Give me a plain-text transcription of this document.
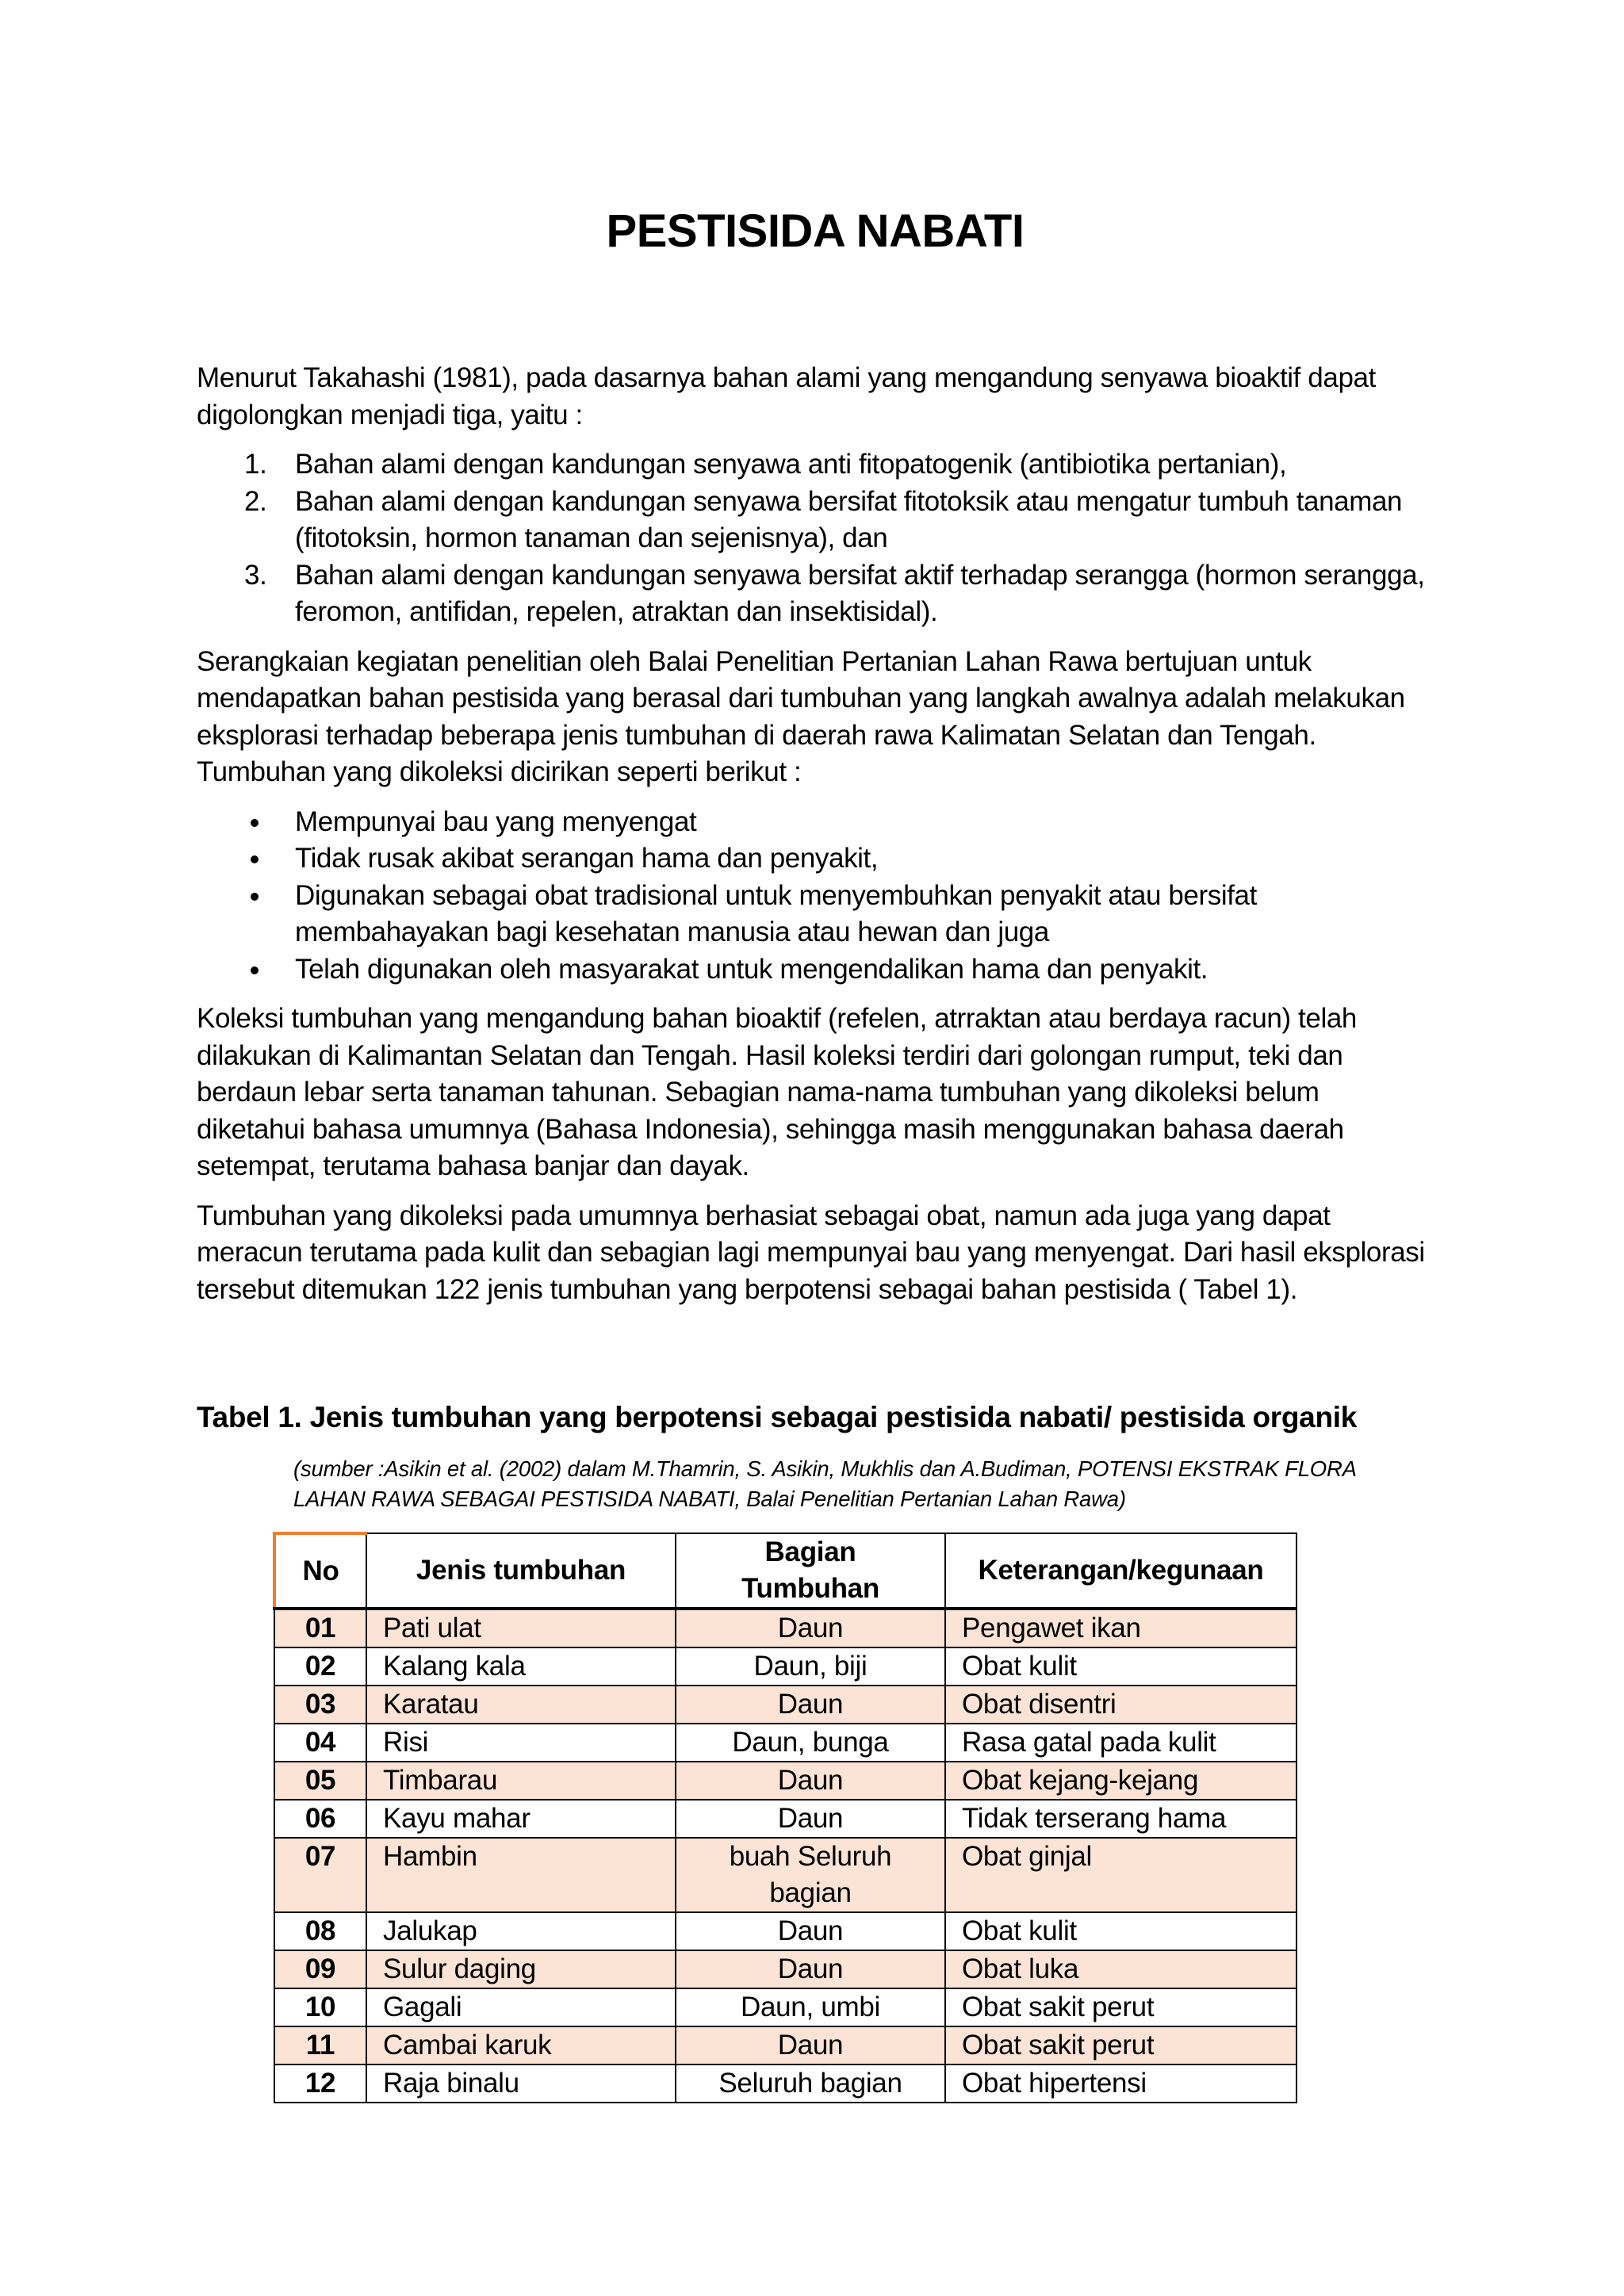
PESTISIDA NABATI

Menurut Takahashi (1981), pada dasarnya bahan alami yang mengandung senyawa bioaktif dapat digolongkan menjadi tiga, yaitu :

1.	Bahan alami dengan kandungan senyawa anti fitopatogenik (antibiotika pertanian),
2.	Bahan alami dengan kandungan senyawa bersifat fitotoksik atau mengatur tumbuh tanaman (fitotoksin, hormon tanaman dan sejenisnya), dan
3.	Bahan alami dengan kandungan senyawa bersifat aktif terhadap serangga (hormon serangga, feromon, antifidan, repelen, atraktan dan insektisidal).

Serangkaian kegiatan penelitian oleh Balai Penelitian Pertanian Lahan Rawa bertujuan untuk mendapatkan bahan pestisida yang berasal dari tumbuhan yang langkah awalnya adalah melakukan eksplorasi terhadap beberapa jenis tumbuhan di daerah rawa Kalimatan Selatan dan Tengah. Tumbuhan yang dikoleksi dicirikan seperti berikut :

Mempunyai bau yang menyengat
Tidak rusak akibat serangan hama dan penyakit,
Digunakan sebagai obat tradisional untuk menyembuhkan penyakit atau bersifat membahayakan bagi kesehatan manusia atau hewan dan juga
Telah digunakan oleh masyarakat untuk mengendalikan hama dan penyakit.

Koleksi tumbuhan yang mengandung bahan bioaktif (refelen, atrraktan atau berdaya racun) telah dilakukan di Kalimantan Selatan dan Tengah. Hasil koleksi terdiri dari golongan rumput, teki dan berdaun lebar serta tanaman tahunan. Sebagian nama-nama tumbuhan yang dikoleksi belum diketahui bahasa umumnya (Bahasa Indonesia), sehingga masih menggunakan bahasa daerah setempat, terutama bahasa banjar dan dayak.

Tumbuhan yang dikoleksi pada umumnya berhasiat sebagai obat, namun ada juga yang dapat meracun terutama pada kulit dan sebagian lagi mempunyai bau yang menyengat. Dari hasil eksplorasi tersebut ditemukan 122 jenis tumbuhan yang berpotensi sebagai bahan pestisida ( Tabel 1).

Tabel 1. Jenis tumbuhan yang berpotensi sebagai pestisida nabati/ pestisida organik
(sumber :Asikin et al. (2002) dalam M.Thamrin, S. Asikin, Mukhlis dan A.Budiman, POTENSI EKSTRAK FLORA LAHAN RAWA SEBAGAI PESTISIDA NABATI, Balai Penelitian Pertanian Lahan Rawa)
No	Jenis tumbuhan	Bagian Tumbuhan	Keterangan/kegunaan
01	Pati ulat	Daun	Pengawet ikan
02	Kalang kala	Daun, biji	Obat kulit
03	Karatau	Daun	Obat disentri
04	Risi	Daun, bunga	Rasa gatal pada kulit
05	Timbarau	Daun	Obat kejang-kejang
06	Kayu mahar	Daun	Tidak terserang hama
07	Hambin	buah Seluruh bagian	Obat ginjal
08	Jalukap	Daun	Obat kulit
09	Sulur daging	Daun	Obat luka
10	Gagali	Daun, umbi	Obat sakit perut
11	Cambai karuk	Daun	Obat sakit perut
12	Raja binalu	Seluruh bagian	Obat hipertensi
